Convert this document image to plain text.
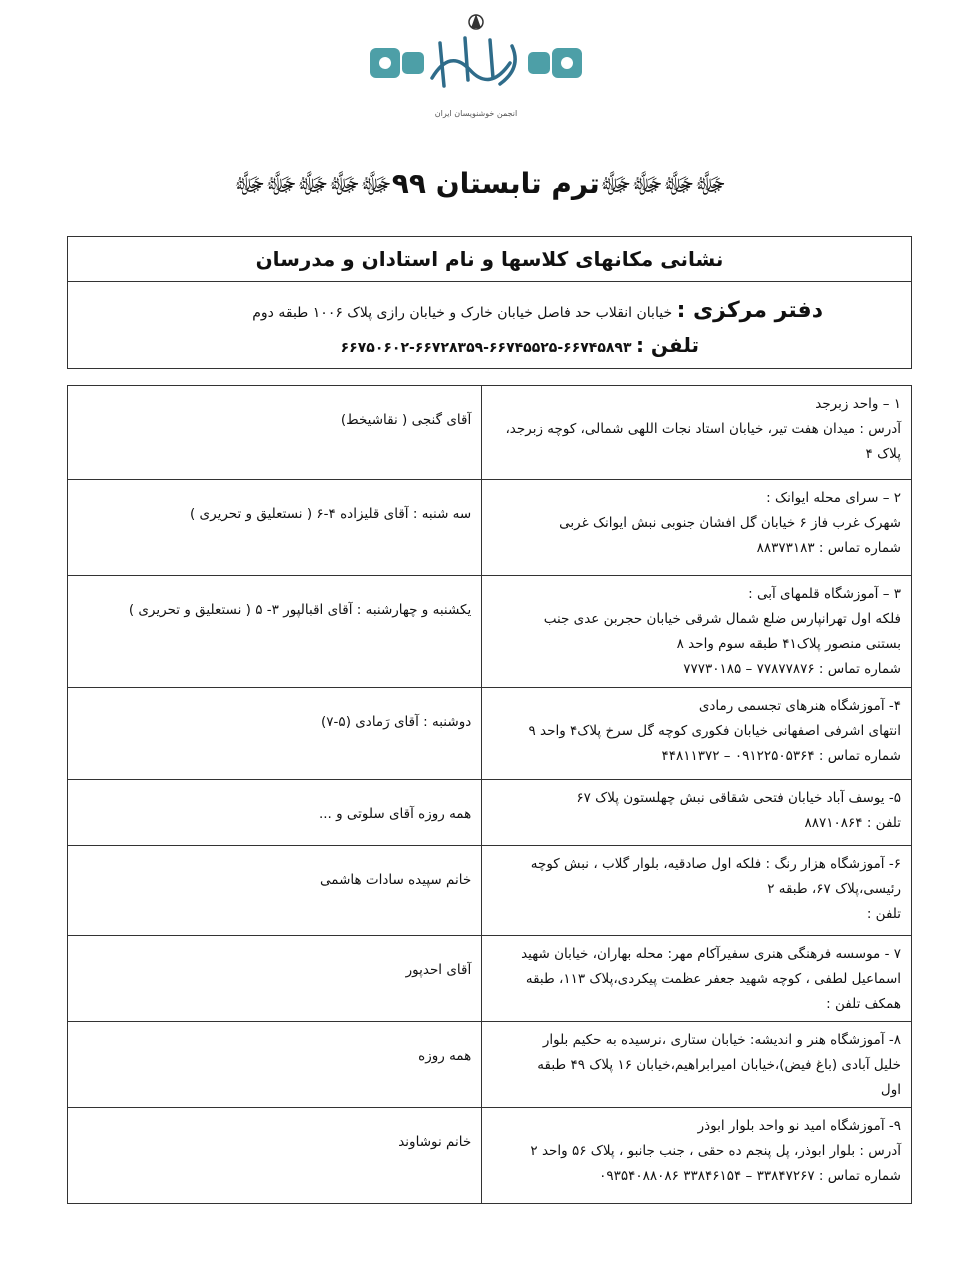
انجمن خوشنویسان ایران
ﷻﷻﷻﷻترم تابستان ۹۹ﷻﷻﷻﷻﷻ
نشانی مکانهای کلاسها و نام استادان و مدرسان
دفتر مرکزی : خیابان انقلاب حد فاصل خیابان خارک و خیابان رازی پلاک ۱۰۰۶ طبقه دوم
تلفن : ۶۶۷۴۵۸۹۳-۶۶۷۴۵۵۲۵-۶۶۷۲۸۳۵۹-۶۶۷۵۰۶۰۲
۱ – واحد زبرجد
آدرس : میدان هفت تیر، خیابان استاد نجات اللهی شمالی، کوچه زبرجد،
پلاک ۴	آقای گنجی ( نقاشیخط)

۲ – سرای محله ایوانک :
شهرک غرب فاز ۶ خیابان گل افشان جنوبی نبش ایوانک غربی
شماره تماس : ۸۸۳۷۳۱۸۳	سه شنبه : آقای قلیزاده ۴-۶ ( نستعلیق و تحریری )

۳ – آموزشگاه قلمهای آبی :
فلکه اول تهرانپارس ضلع شمال شرقی خیابان حجربن عدی جنب
بستنی منصور پلاک۴۱ طبقه سوم واحد ۸
شماره تماس : ۷۷۸۷۷۸۷۶ – ۷۷۷۳۰۱۸۵	یکشنبه و چهارشنبه : آقای اقبالپور ۳- ۵ ( نستعلیق و تحریری )

۴- آموزشگاه هنرهای تجسمی رمادی
انتهای اشرفی اصفهانی خیابان فکوری کوچه گل سرخ پلاک۴ واحد ۹
شماره تماس : ۰۹۱۲۲۵۰۵۳۶۴ – ۴۴۸۱۱۳۷۲	دوشنبه : آقای رَمادی (۵-۷)

۵- یوسف آباد خیابان فتحی شقاقی نبش چهلستون پلاک ۶۷
تلفن : ۸۸۷۱۰۸۶۴	همه روزه آقای سلوتی و ...

۶- آموزشگاه هزار رنگ : فلکه اول صادقیه، بلوار گلاب ، نبش کوچه
رئیسی،پلاک ۶۷، طبقه ۲
تلفن :	خانم سپیده سادات هاشمی

۷ - موسسه فرهنگی هنری سفیرآکام مهر: محله بهاران، خیابان شهید
اسماعیل لطفی ، کوچه شهید جعفر عظمت پیکردی،پلاک ۱۱۳، طبقه
همکف تلفن :	آقای احدپور

۸- آموزشگاه هنر و اندیشه: خیابان ستاری ،نرسیده به حکیم بلوار
خلیل آبادی (باغ فیض)،خیابان امیرابراهیم،خیابان ۱۶ پلاک ۴۹ طبقه
اول	همه روزه

۹- آموزشگاه امید نو واحد بلوار ابوذر
آدرس : بلوار ابوذر، پل پنجم ده حقی ، جنب جانبو ، پلاک ۵۶ واحد ۲
شماره تماس : ۳۳۸۴۷۲۶۷ – ۳۳۸۴۶۱۵۴ ۰۹۳۵۴۰۸۸۰۸۶	خانم نوشاوند
